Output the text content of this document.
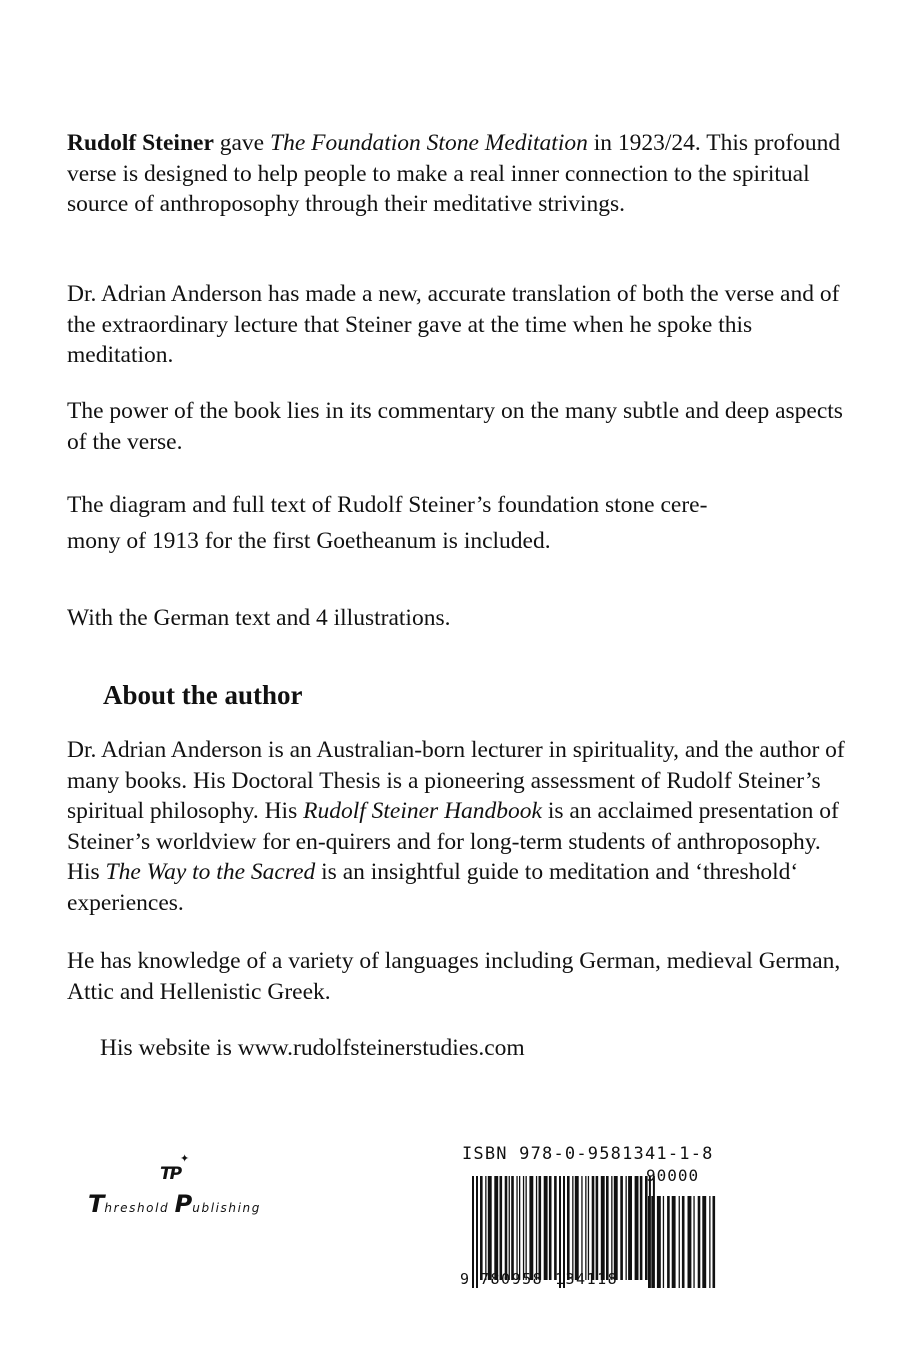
Rudolf Steiner gave The Foundation Stone Meditation in 1923/24. This profound verse is designed to help people to make a real inner connection to the spiritual source of anthroposophy through their meditative strivings.

Dr. Adrian Anderson has made a new, accurate translation of both the verse and of the extraordinary lecture that Steiner gave at the time when he spoke this meditation.

The power of the book lies in its commentary on the many subtle and deep aspects of the verse.

The diagram and full text of Rudolf Steiner’s foundation stone cere-
mony of 1913 for the first Goetheanum is included.

With the German text and 4 illustrations.

About the author

Dr. Adrian Anderson is an Australian-born lecturer in spirituality, and the author of many books. His Doctoral Thesis is a pioneering assessment of Rudolf Steiner’s spiritual philosophy. His Rudolf Steiner Handbook is an acclaimed presentation of Steiner’s worldview for en-quirers and for long-term students of anthroposophy. His The Way to the Sacred is an insightful guide to meditation and ‘threshold‘ experiences.

He has knowledge of a variety of languages including German, medieval German, Attic and Hellenistic Greek.

His website is www.rudolfsteinerstudies.com

✦
TP
Threshold Publishing
ISBN 978-0-9581341-1-8
90000
9 780958 134118
